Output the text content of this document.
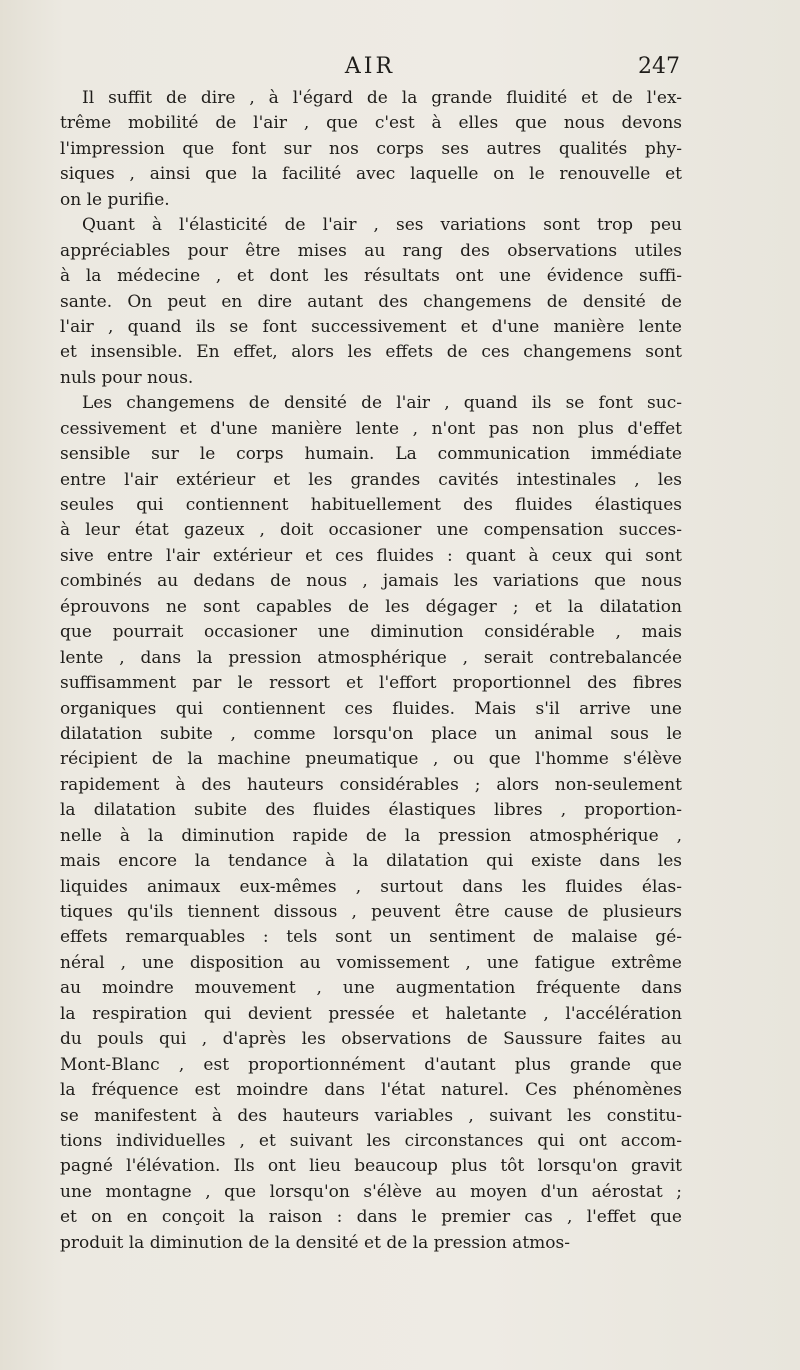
AIR	247
Il suffit de dire , à l'égard de la grande fluidité et de l'ex-
trême mobilité de l'air , que c'est à elles que nous devons
l'impression que font sur nos corps ses autres qualités phy-
siques , ainsi que la facilité avec laquelle on le renouvelle et
on le purifie.
Quant à l'élasticité de l'air , ses variations sont trop peu
appréciables pour être mises au rang des observations utiles
à la médecine , et dont les résultats ont une évidence suffi-
sante. On peut en dire autant des changemens de densité de
l'air , quand ils se font successivement et d'une manière lente
et insensible. En effet, alors les effets de ces changemens sont
nuls pour nous.
Les changemens de densité de l'air , quand ils se font suc-
cessivement et d'une manière lente , n'ont pas non plus d'effet
sensible sur le corps humain. La communication immédiate
entre l'air extérieur et les grandes cavités intestinales , les
seules qui contiennent habituellement des fluides élastiques
à leur état gazeux , doit occasioner une compensation succes-
sive entre l'air extérieur et ces fluides : quant à ceux qui sont
combinés au dedans de nous , jamais les variations que nous
éprouvons ne sont capables de les dégager ; et la dilatation
que pourrait occasioner une diminution considérable , mais
lente , dans la pression atmosphérique , serait contrebalancée
suffisamment par le ressort et l'effort proportionnel des fibres
organiques qui contiennent ces fluides. Mais s'il arrive une
dilatation subite , comme lorsqu'on place un animal sous le
récipient de la machine pneumatique , ou que l'homme s'élève
rapidement à des hauteurs considérables ; alors non-seulement
la dilatation subite des fluides élastiques libres , proportion-
nelle à la diminution rapide de la pression atmosphérique ,
mais encore la tendance à la dilatation qui existe dans les
liquides animaux eux-mêmes , surtout dans les fluides élas-
tiques qu'ils tiennent dissous , peuvent être cause de plusieurs
effets remarquables : tels sont un sentiment de malaise gé-
néral , une disposition au vomissement , une fatigue extrême
au moindre mouvement , une augmentation fréquente dans
la respiration qui devient pressée et haletante , l'accélération
du pouls qui , d'après les observations de Saussure faites au
Mont-Blanc , est proportionnément d'autant plus grande que
la fréquence est moindre dans l'état naturel. Ces phénomènes
se manifestent à des hauteurs variables , suivant les constitu-
tions individuelles , et suivant les circonstances qui ont accom-
pagné l'élévation. Ils ont lieu beaucoup plus tôt lorsqu'on gravit
une montagne , que lorsqu'on s'élève au moyen d'un aérostat ;
et on en conçoit la raison : dans le premier cas , l'effet que
produit la diminution de la densité et de la pression atmos-
